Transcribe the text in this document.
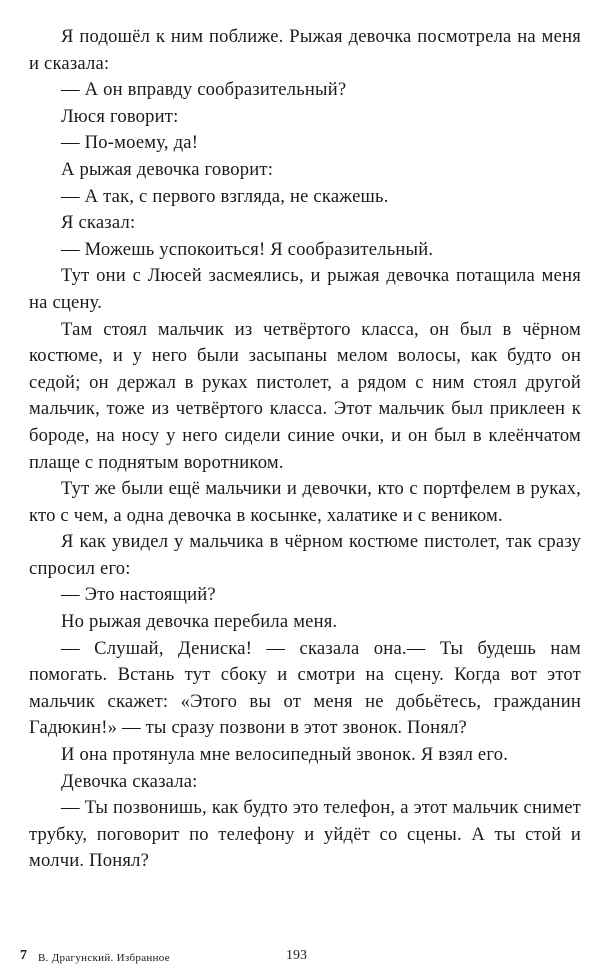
Я подошёл к ним поближе. Рыжая девочка посмотрела на меня и сказала:

— А он вправду сообразительный?

Люся говорит:

— По-моему, да!

А рыжая девочка говорит:

— А так, с первого взгляда, не скажешь.

Я сказал:

— Можешь успокоиться! Я сообразительный.

Тут они с Люсей засмеялись, и рыжая девочка потащила меня на сцену.

Там стоял мальчик из четвёртого класса, он был в чёрном костюме, и у него были засыпаны мелом волосы, как будто он седой; он держал в руках пистолет, а рядом с ним стоял другой мальчик, тоже из четвёртого класса. Этот мальчик был приклеен к бороде, на носу у него сидели синие очки, и он был в клеёнчатом плаще с поднятым воротником.

Тут же были ещё мальчики и девочки, кто с портфелем в руках, кто с чем, а одна девочка в косынке, халатике и с веником.

Я как увидел у мальчика в чёрном костюме пистолет, так сразу спросил его:

— Это настоящий?

Но рыжая девочка перебила меня.

— Слушай, Дениска! — сказала она.— Ты будешь нам помогать. Встань тут сбоку и смотри на сцену. Когда вот этот мальчик скажет: «Этого вы от меня не добьётесь, гражданин Гадюкин!» — ты сразу позвони в этот звонок. Понял?

И она протянула мне велосипедный звонок. Я взял его.

Девочка сказала:

— Ты позвонишь, как будто это телефон, а этот мальчик снимет трубку, поговорит по телефону и уйдёт со сцены. А ты стой и молчи. Понял?

7 В. Драгунский. Избранное	193
